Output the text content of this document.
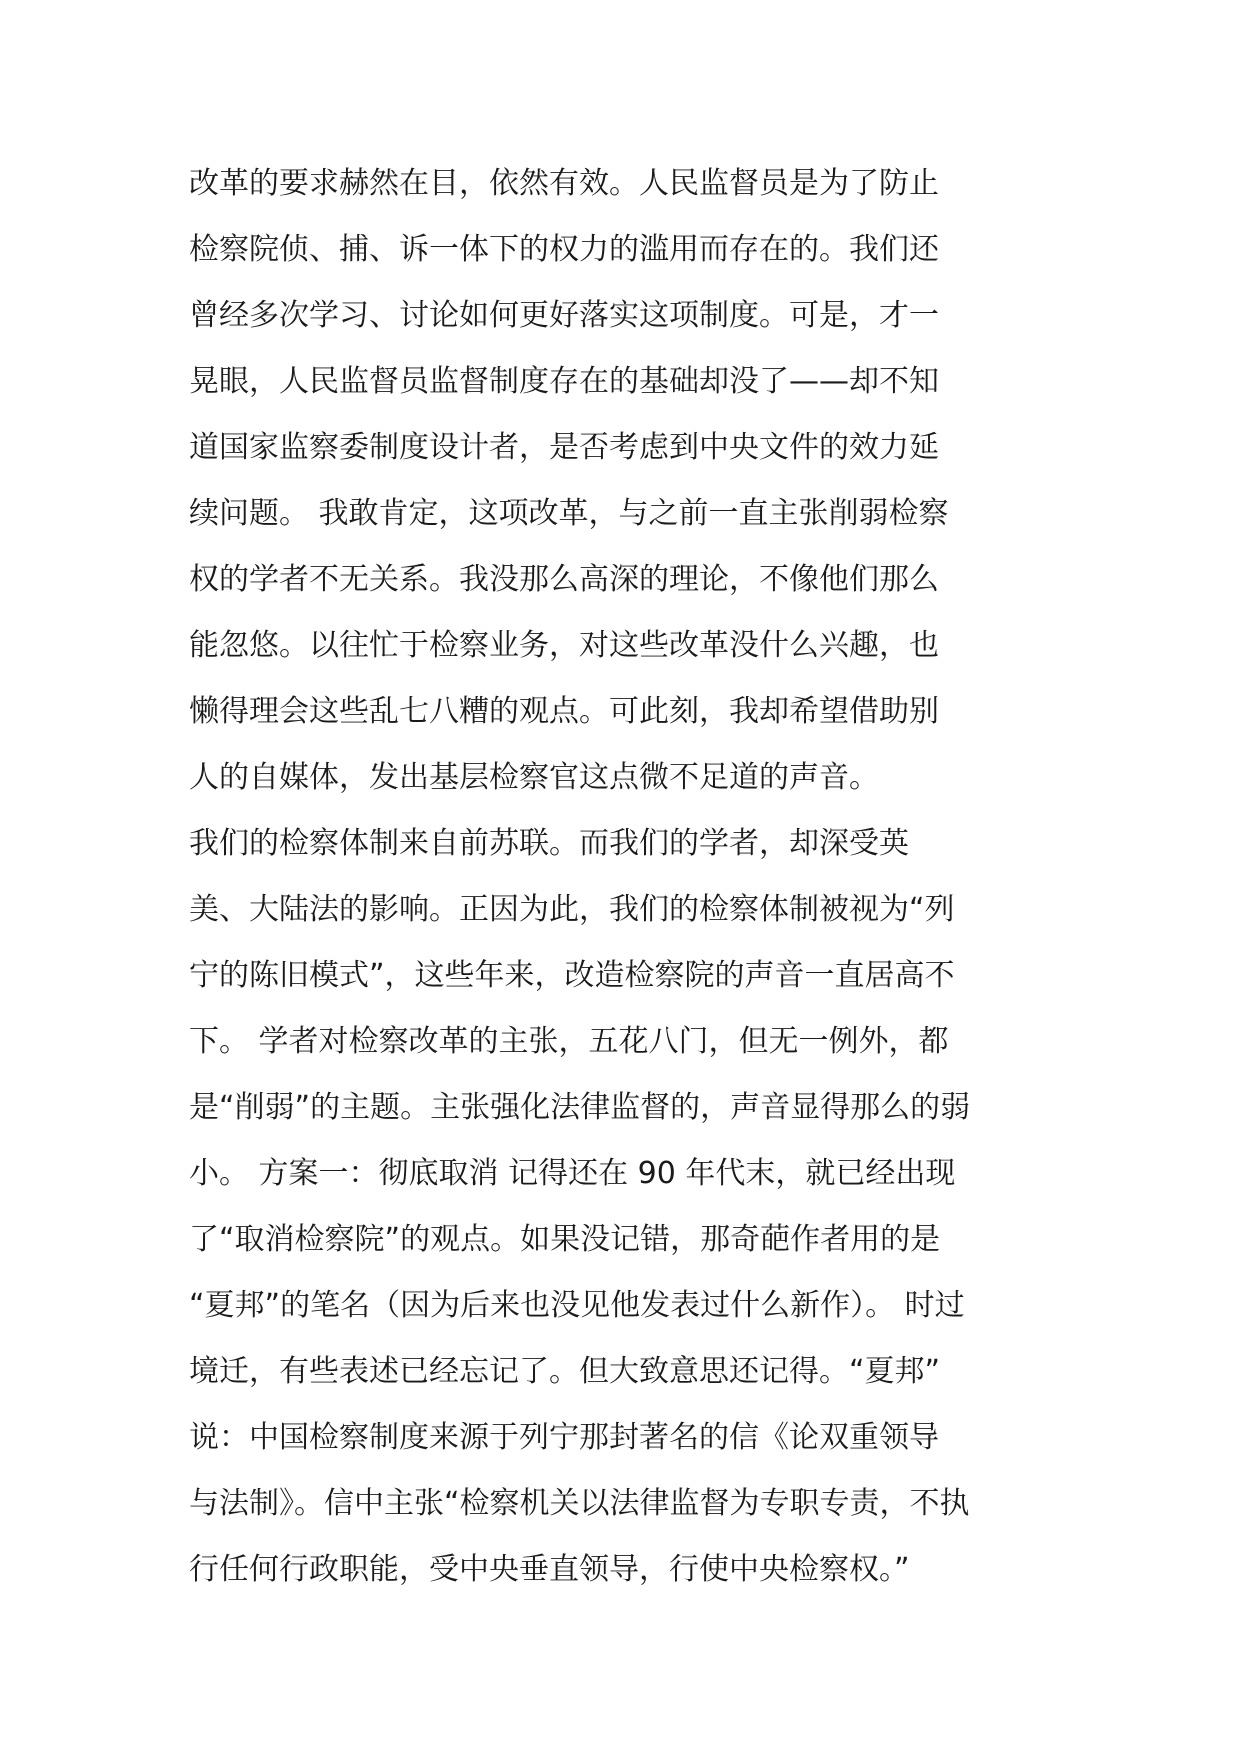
改革的要求赫然在目，依然有效。人民监督员是为了防止
检察院侦、捕、诉一体下的权力的滥用而存在的。我们还
曾经多次学习、讨论如何更好落实这项制度。可是，才一
晃眼，人民监督员监督制度存在的基础却没了——却不知
道国家监察委制度设计者，是否考虑到中央文件的效力延
续问题。 我敢肯定，这项改革，与之前一直主张削弱检察
权的学者不无关系。我没那么高深的理论，不像他们那么
能忽悠。以往忙于检察业务，对这些改革没什么兴趣，也
懒得理会这些乱七八糟的观点。可此刻，我却希望借助别
人的自媒体，发出基层检察官这点微不足道的声音。
我们的检察体制来自前苏联。而我们的学者，却深受英
美、大陆法的影响。正因为此，我们的检察体制被视为“列
宁的陈旧模式”，这些年来，改造检察院的声音一直居高不
下。 学者对检察改革的主张，五花八门，但无一例外，都
是“削弱”的主题。主张强化法律监督的，声音显得那么的弱
小。 方案一：彻底取消 记得还在 90 年代末，就已经出现
了“取消检察院”的观点。如果没记错，那奇葩作者用的是
“夏邦”的笔名（因为后来也没见他发表过什么新作）。 时过
境迁，有些表述已经忘记了。但大致意思还记得。“夏邦”
说：中国检察制度来源于列宁那封著名的信《论双重领导
与法制》。信中主张“检察机关以法律监督为专职专责，不执
行任何行政职能，受中央垂直领导，行使中央检察权。”
